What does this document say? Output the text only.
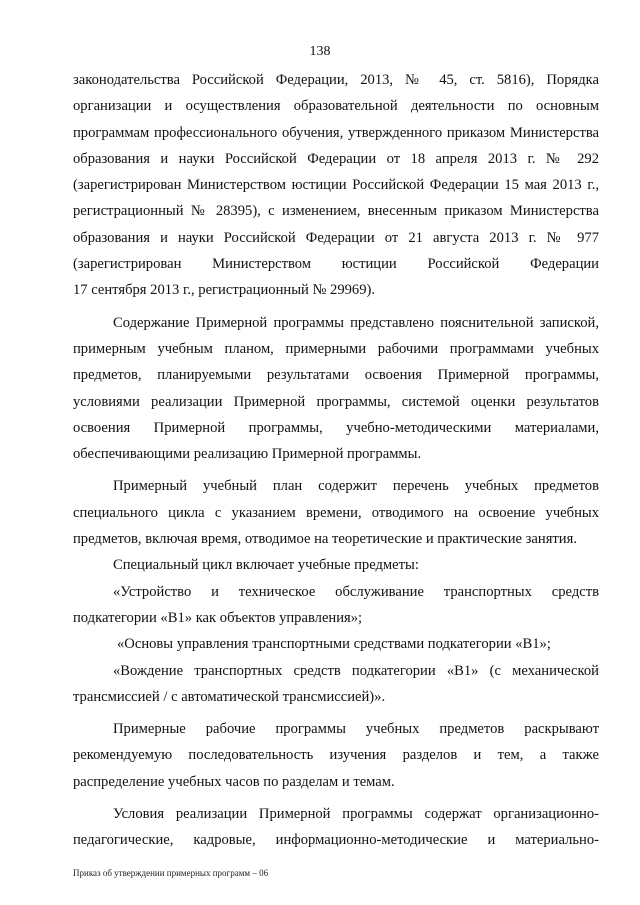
138
законодательства Российской Федерации, 2013, № 45, ст. 5816), Порядка
организации и осуществления образовательной деятельности по основным
программам профессионального обучения, утвержденного приказом Министерства
образования и науки Российской Федерации от 18 апреля 2013 г. № 292
(зарегистрирован Министерством юстиции Российской Федерации 15 мая 2013 г.,
регистрационный № 28395), с изменением, внесенным приказом Министерства
образования и науки Российской Федерации от 21 августа 2013 г. № 977
(зарегистрирован Министерством юстиции Российской Федерации
17 сентября 2013 г., регистрационный № 29969).
Содержание Примерной программы представлено пояснительной запиской,
примерным учебным планом, примерными рабочими программами учебных
предметов, планируемыми результатами освоения Примерной программы,
условиями реализации Примерной программы, системой оценки результатов
освоения Примерной программы, учебно-методическими материалами,
обеспечивающими реализацию Примерной программы.
Примерный учебный план содержит перечень учебных предметов
специального цикла с указанием времени, отводимого на освоение учебных
предметов, включая время, отводимое на теоретические и практические занятия.
Специальный цикл включает учебные предметы:
«Устройство и техническое обслуживание транспортных средств
подкатегории «В1» как объектов управления»;
«Основы управления транспортными средствами подкатегории «В1»;
«Вождение транспортных средств подкатегории «В1» (с механической
трансмиссией / с автоматической трансмиссией)».
Примерные рабочие программы учебных предметов раскрывают
рекомендуемую последовательность изучения разделов и тем, а также
распределение учебных часов по разделам и темам.
Условия реализации Примерной программы содержат организационно-
педагогические, кадровые, информационно-методические и материально-
Приказ об утверждении примерных программ – 06
